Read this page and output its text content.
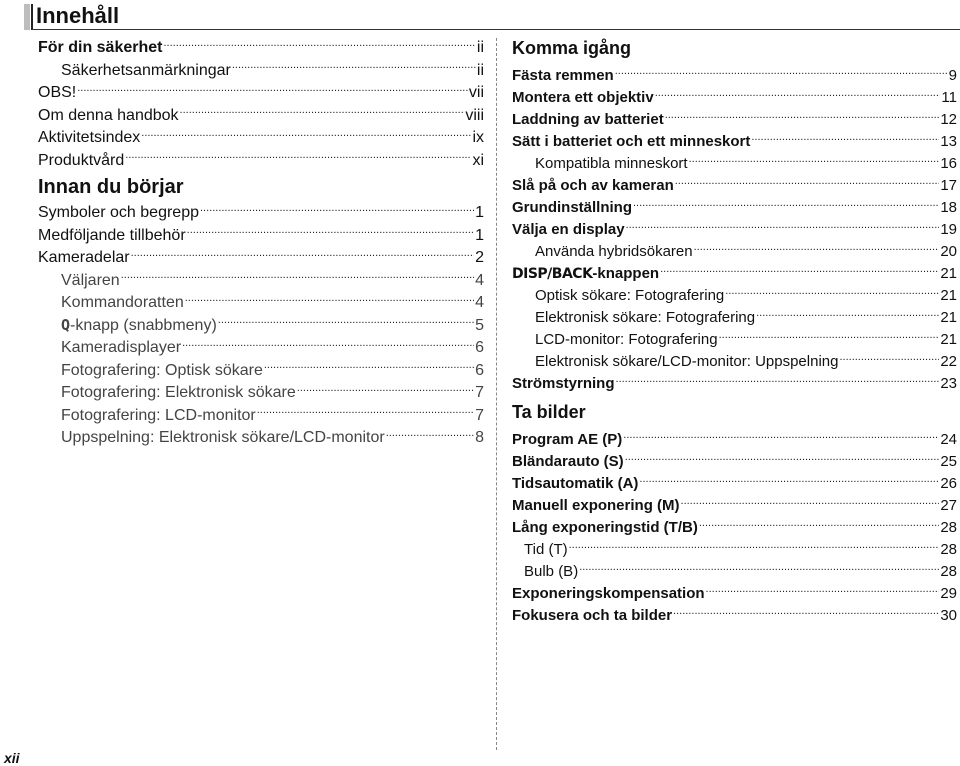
Innehåll
För din säkerhet .....	ii
Säkerhetsanmärkningar .....	ii
OBS! .....	vii
Om denna handbok .....	viii
Aktivitetsindex .....	ix
Produktvård .....	xi
Innan du börjar
Symboler och begrepp .....	1
Medföljande tillbehör .....	1
Kameradelar .....	2
Väljaren .....	4
Kommandoratten .....	4
Q-knapp (snabbmeny) .....	5
Kameradisplayer .....	6
Fotografering: Optisk sökare .....	6
Fotografering: Elektronisk sökare .....	7
Fotografering: LCD-monitor .....	7
Uppspelning: Elektronisk sökare/LCD-monitor .....	8
Komma igång
Fästa remmen .....	9
Montera ett objektiv .....	11
Laddning av batteriet .....	12
Sätt i batteriet och ett minneskort .....	13
Kompatibla minneskort .....	16
Slå på och av kameran .....	17
Grundinställning .....	18
Välja en display .....	19
Använda hybridsökaren .....	20
DISP/BACK-knappen .....	21
Optisk sökare: Fotografering .....	21
Elektronisk sökare: Fotografering .....	21
LCD-monitor: Fotografering .....	21
Elektronisk sökare/LCD-monitor: Uppspelning .....	22
Strömstyrning .....	23
Ta bilder
Program AE (P) .....	24
Bländarauto (S) .....	25
Tidsautomatik (A) .....	26
Manuell exponering (M) .....	27
Lång exponeringstid (T/B) .....	28
Tid (T) .....	28
Bulb (B) .....	28
Exponeringskompensation .....	29
Fokusera och ta bilder .....	30
xii
